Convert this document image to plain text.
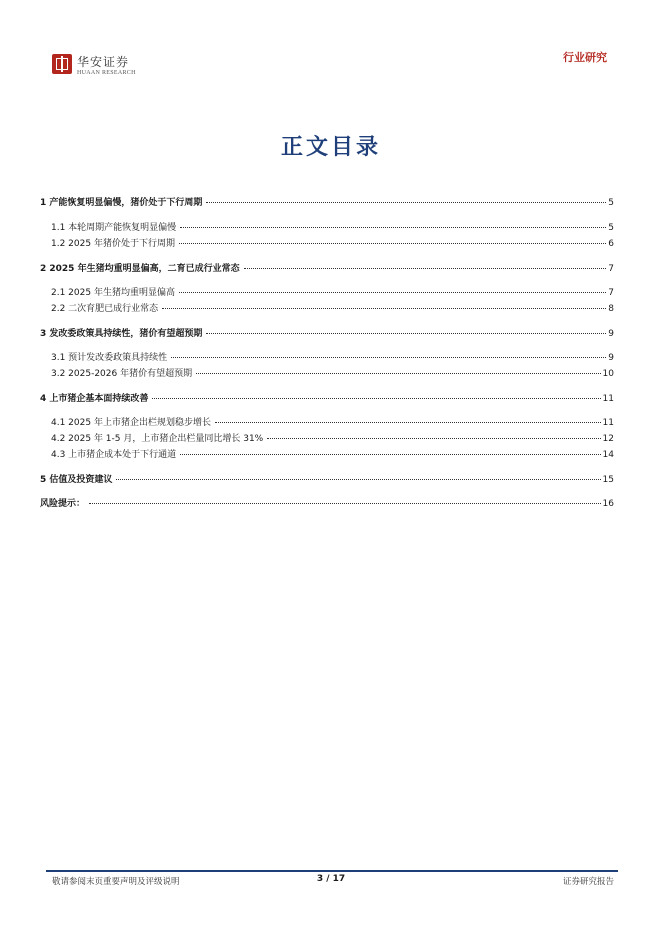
华安证券
HUAAN RESEARCH
行业研究
正文目录
1 产能恢复明显偏慢，猪价处于下行周期	5
1.1 本轮周期产能恢复明显偏慢	5
1.2 2025 年猪价处于下行周期	6
2 2025 年生猪均重明显偏高，二育已成行业常态	7
2.1 2025 年生猪均重明显偏高	7
2.2 二次育肥已成行业常态	8
3 发改委政策具持续性，猪价有望超预期	9
3.1 预计发改委政策具持续性	9
3.2 2025-2026 年猪价有望超预期	10
4 上市猪企基本面持续改善	11
4.1 2025 年上市猪企出栏规划稳步增长	11
4.2 2025 年 1-5 月，上市猪企出栏量同比增长 31%	12
4.3 上市猪企成本处于下行通道	14
5 估值及投资建议	15
风险提示：	16
敬请参阅末页重要声明及评级说明	3 / 17	证券研究报告
